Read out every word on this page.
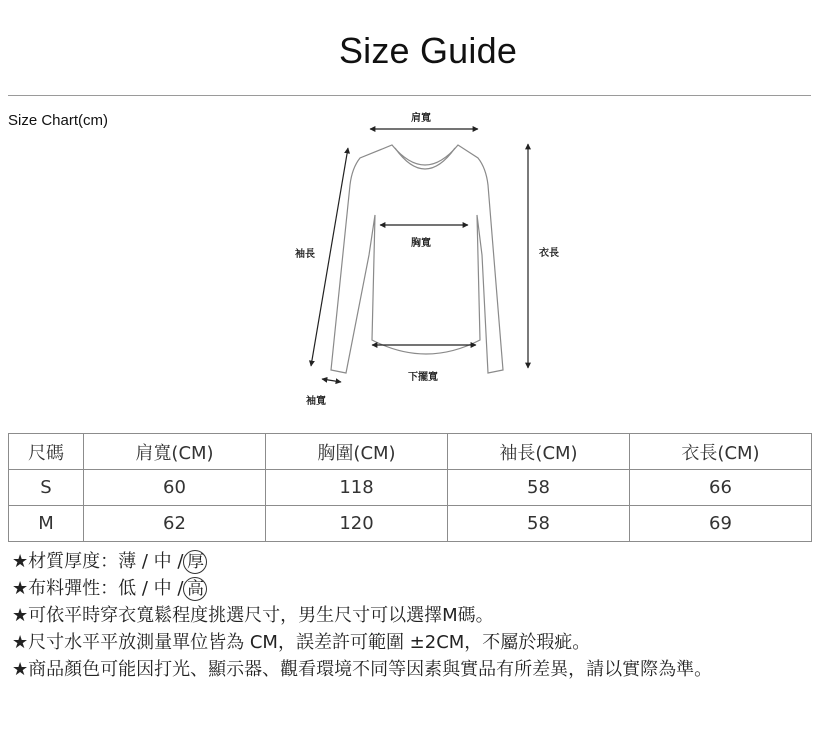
Size Guide
Size Chart(cm)	肩寬
胸寬
下擺寬
袖長	衣長
袖寬
尺碼	肩寬(CM)	胸圍(CM)	袖長(CM)	衣長(CM)
S	60	118	58	66
M	62	120	58	69
★材質厚度：薄 / 中 / 厚
★布料彈性：低 / 中 / 高
★可依平時穿衣寬鬆程度挑選尺寸，男生尺寸可以選擇M碼。
★尺寸水平平放測量單位皆為 CM，誤差許可範圍 ±2CM，不屬於瑕疵。
★商品顏色可能因打光、顯示器、觀看環境不同等因素與實品有所差異，請以實際為準。
